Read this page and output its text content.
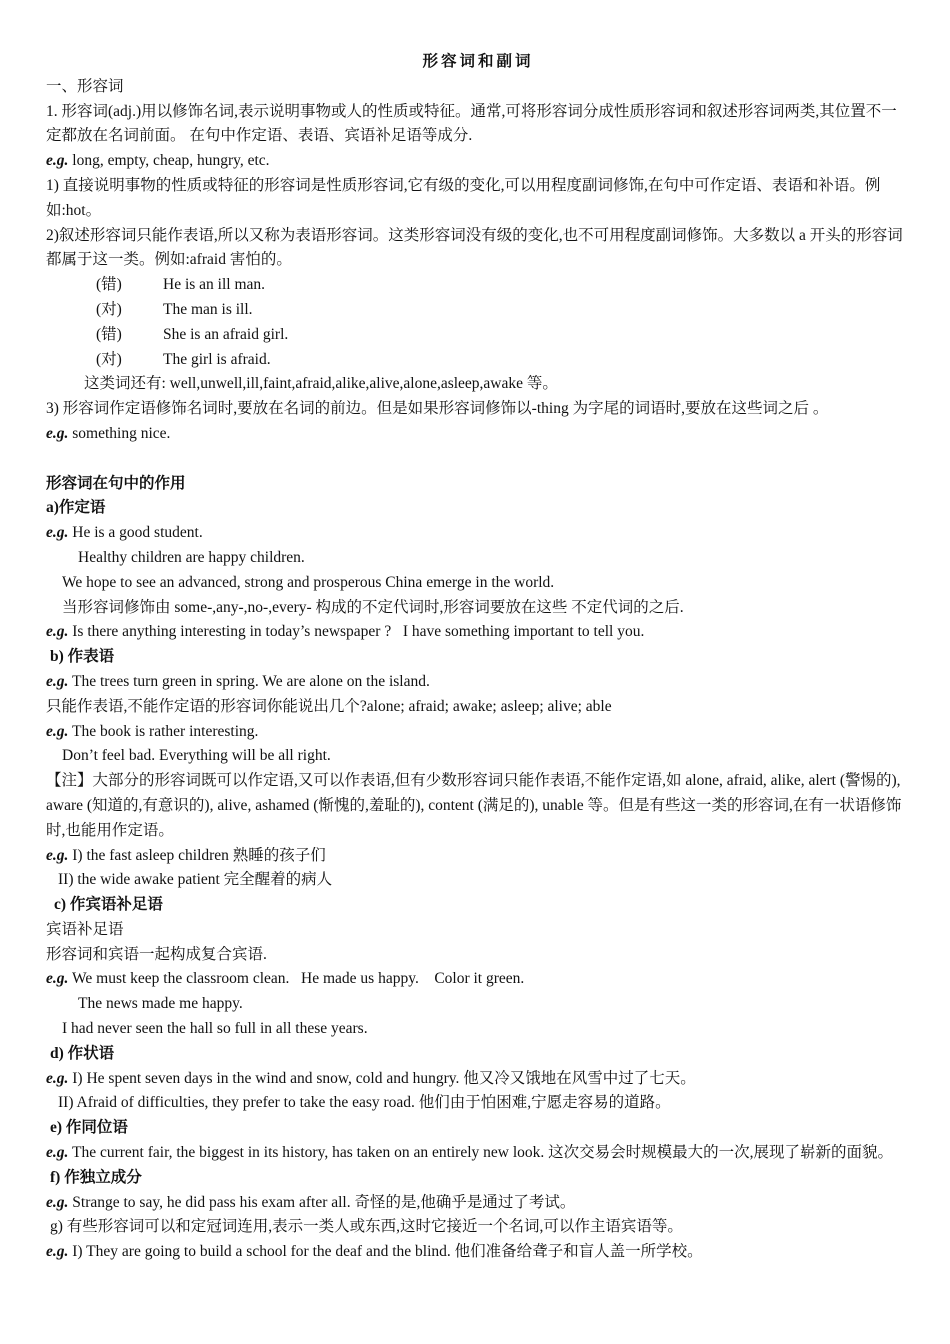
形容词和副词
一、形容词
1. 形容词(adj.)用以修饰名词,表示说明事物或人的性质或特征。通常,可将形容词分成性质形容词和叙述形容词两类,其位置不一定都放在名词前面。 在句中作定语、表语、宾语补足语等成分.
e.g. long, empty, cheap, hungry, etc.
1) 直接说明事物的性质或特征的形容词是性质形容词,它有级的变化,可以用程度副词修饰,在句中可作定语、表语和补语。例如:hot。
2)叙述形容词只能作表语,所以又称为表语形容词。这类形容词没有级的变化,也不可用程度副词修饰。大多数以 a 开头的形容词都属于这一类。例如:afraid 害怕的。
(错)	He is an ill man.
(对)	The man is ill.
(错)	She is an afraid girl.
(对)	The girl is afraid.
这类词还有: well,unwell,ill,faint,afraid,alike,alive,alone,asleep,awake 等。
3) 形容词作定语修饰名词时,要放在名词的前边。但是如果形容词修饰以-thing 为字尾的词语时,要放在这些词之后 。
e.g. something nice.
形容词在句中的作用
a)作定语
e.g. He is a good student.
Healthy children are happy children.
We hope to see an advanced, strong and prosperous China emerge in the world.
当形容词修饰由 some-,any-,no-,every- 构成的不定代词时,形容词要放在这些 不定代词的之后.
e.g. Is there anything interesting in today’s newspaper ?   I have something important to tell you.
b) 作表语
e.g. The trees turn green in spring. We are alone on the island.
只能作表语,不能作定语的形容词你能说出几个?alone; afraid; awake; asleep; alive; able
e.g. The book is rather interesting.
Don’t feel bad. Everything will be all right.
【注】大部分的形容词既可以作定语,又可以作表语,但有少数形容词只能作表语,不能作定语,如 alone, afraid, alike, alert (警惕的), aware (知道的,有意识的), alive, ashamed (惭愧的,羞耻的), content (满足的), unable 等。但是有些这一类的形容词,在有一状语修饰时,也能用作定语。
e.g. I) the fast asleep children 熟睡的孩子们
II) the wide awake patient 完全醒着的病人
c) 作宾语补足语
宾语补足语
形容词和宾语一起构成复合宾语.
e.g. We must keep the classroom clean.   He made us happy.    Color it green.
The news made me happy.
I had never seen the hall so full in all these years.
d) 作状语
e.g. I) He spent seven days in the wind and snow, cold and hungry. 他又冷又饿地在风雪中过了七天。
II) Afraid of difficulties, they prefer to take the easy road. 他们由于怕困难,宁愿走容易的道路。
e) 作同位语
e.g. The current fair, the biggest in its history, has taken on an entirely new look. 这次交易会时规模最大的一次,展现了崭新的面貌。
f) 作独立成分
e.g. Strange to say, he did pass his exam after all. 奇怪的是,他确乎是通过了考试。
g) 有些形容词可以和定冠词连用,表示一类人或东西,这时它接近一个名词,可以作主语宾语等。
e.g. I) They are going to build a school for the deaf and the blind. 他们准备给聋子和盲人盖一所学校。
